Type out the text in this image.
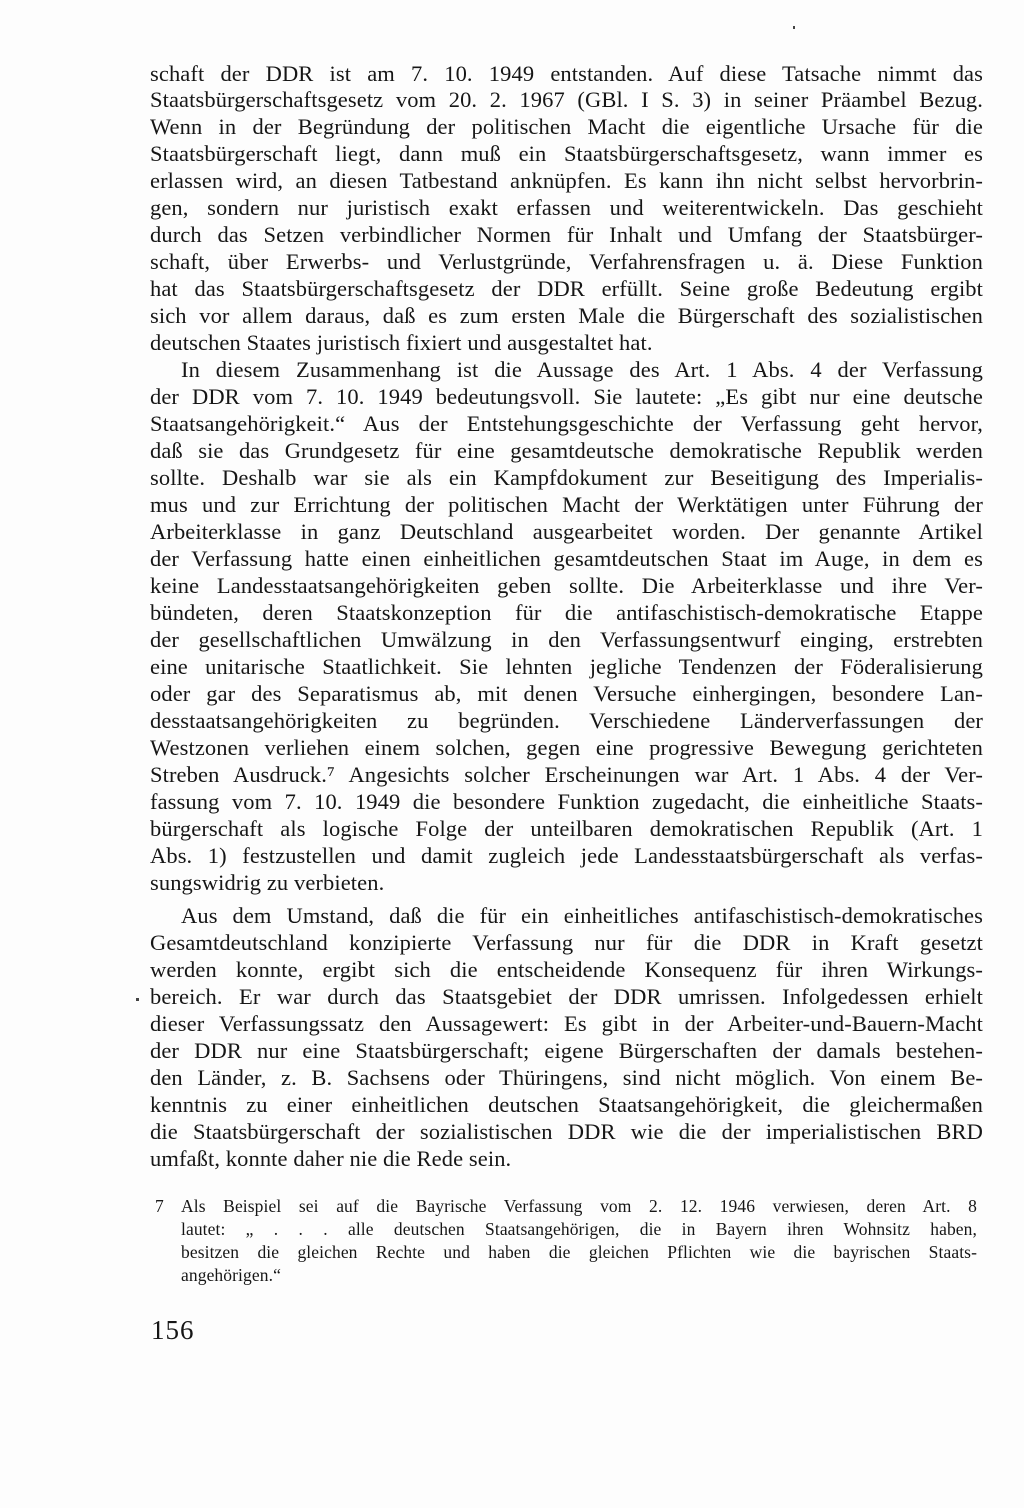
schaft der DDR ist am 7. 10. 1949 entstanden. Auf diese Tatsache nimmt das
Staatsbürgerschaftsgesetz vom 20. 2. 1967 (GBl. I S. 3) in seiner Präambel Bezug.
Wenn in der Begründung der politischen Macht die eigentliche Ursache für die
Staatsbürgerschaft liegt, dann muß ein Staatsbürgerschaftsgesetz, wann immer es
erlassen wird, an diesen Tatbestand anknüpfen. Es kann ihn nicht selbst hervorbrin-
gen, sondern nur juristisch exakt erfassen und weiterentwickeln. Das geschieht
durch das Setzen verbindlicher Normen für Inhalt und Umfang der Staatsbürger-
schaft, über Erwerbs- und Verlustgründe, Verfahrensfragen u. ä. Diese Funktion
hat das Staatsbürgerschaftsgesetz der DDR erfüllt. Seine große Bedeutung ergibt
sich vor allem daraus, daß es zum ersten Male die Bürgerschaft des sozialistischen
deutschen Staates juristisch fixiert und ausgestaltet hat.
In diesem Zusammenhang ist die Aussage des Art. 1 Abs. 4 der Verfassung
der DDR vom 7. 10. 1949 bedeutungsvoll. Sie lautete: „Es gibt nur eine deutsche
Staatsangehörigkeit.“ Aus der Entstehungsgeschichte der Verfassung geht hervor,
daß sie das Grundgesetz für eine gesamtdeutsche demokratische Republik werden
sollte. Deshalb war sie als ein Kampfdokument zur Beseitigung des Imperialis-
mus und zur Errichtung der politischen Macht der Werktätigen unter Führung der
Arbeiterklasse in ganz Deutschland ausgearbeitet worden. Der genannte Artikel
der Verfassung hatte einen einheitlichen gesamtdeutschen Staat im Auge, in dem es
keine Landesstaatsangehörigkeiten geben sollte. Die Arbeiterklasse und ihre Ver-
bündeten, deren Staatskonzeption für die antifaschistisch-demokratische Etappe
der gesellschaftlichen Umwälzung in den Verfassungsentwurf einging, erstrebten
eine unitarische Staatlichkeit. Sie lehnten jegliche Tendenzen der Föderalisierung
oder gar des Separatismus ab, mit denen Versuche einhergingen, besondere Lan-
desstaatsangehörigkeiten zu begründen. Verschiedene Länderverfassungen der
Westzonen verliehen einem solchen, gegen eine progressive Bewegung gerichteten
Streben Ausdruck.⁷ Angesichts solcher Erscheinungen war Art. 1 Abs. 4 der Ver-
fassung vom 7. 10. 1949 die besondere Funktion zugedacht, die einheitliche Staats-
bürgerschaft als logische Folge der unteilbaren demokratischen Republik (Art. 1
Abs. 1) festzustellen und damit zugleich jede Landesstaatsbürgerschaft als verfas-
sungswidrig zu verbieten.
Aus dem Umstand, daß die für ein einheitliches antifaschistisch-demokratisches
Gesamtdeutschland konzipierte Verfassung nur für die DDR in Kraft gesetzt
werden konnte, ergibt sich die entscheidende Konsequenz für ihren Wirkungs-
bereich. Er war durch das Staatsgebiet der DDR umrissen. Infolgedessen erhielt
dieser Verfassungssatz den Aussagewert: Es gibt in der Arbeiter-und-Bauern-Macht
der DDR nur eine Staatsbürgerschaft; eigene Bürgerschaften der damals bestehen-
den Länder, z. B. Sachsens oder Thüringens, sind nicht möglich. Von einem Be-
kenntnis zu einer einheitlichen deutschen Staatsangehörigkeit, die gleichermaßen
die Staatsbürgerschaft der sozialistischen DDR wie die der imperialistischen BRD
umfaßt, konnte daher nie die Rede sein.
7 Als Beispiel sei auf die Bayrische Verfassung vom 2. 12. 1946 verwiesen, deren Art. 8
lautet: „ . . . alle deutschen Staatsangehörigen, die in Bayern ihren Wohnsitz haben,
besitzen die gleichen Rechte und haben die gleichen Pflichten wie die bayrischen Staats-
angehörigen.“
156
